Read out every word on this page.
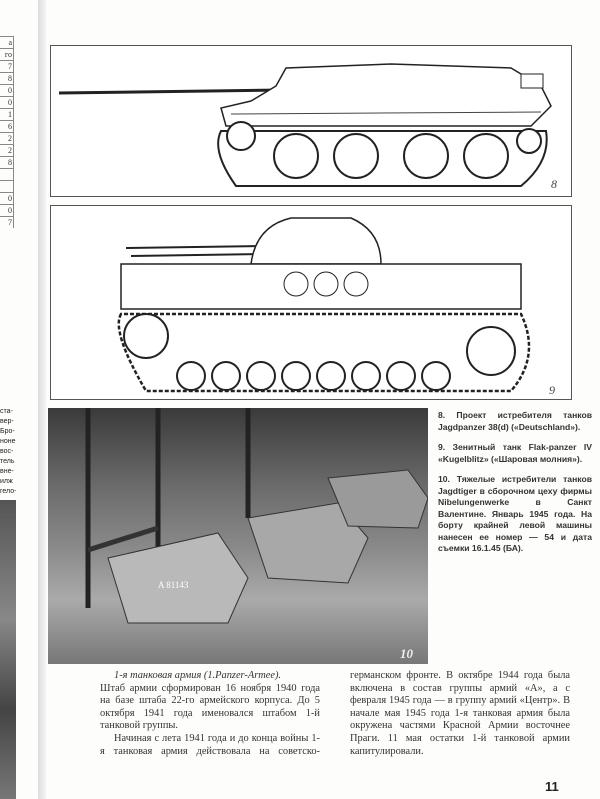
a
го
7
8
0
0
1
6
2
2
8
0
0
7
ста-
вер-
Бро-
ноне
вос-
тель
вне-
илж
гело-
8
9
A 81143
10
8. Проект истребителя танков Jagdpanzer 38(d) («Deutschland»).
9. Зенитный танк Flak-panzer IV «Kugelblitz» («Шаровая молния»).
10. Тяжелые истребители танков Jagdtiger в сборочном цеху фирмы Nibelungenwerke в Санкт Валентине. Январь 1945 года. На борту крайней левой машины нанесен ее номер — 54 и дата съемки 16.1.45 (БА).

1-я танковая армия (1.Panzer-Armee).

Штаб армии сформирован 16 ноября 1940 года на базе штаба 22-го армейского корпуса. До 5 октября 1941 года именовался штабом 1-й танковой группы.

Начиная с лета 1941 года и до конца войны 1-я танковая армия действовала на советско-германском фронте. В октябре 1944 года была включена в состав группы армий «А», а с февраля 1945 года — в группу армий «Центр». В начале мая 1945 года 1-я танковая армия была окружена частями Красной Армии восточнее Праги. 11 мая остатки 1-й танковой армии капитулировали.

11
